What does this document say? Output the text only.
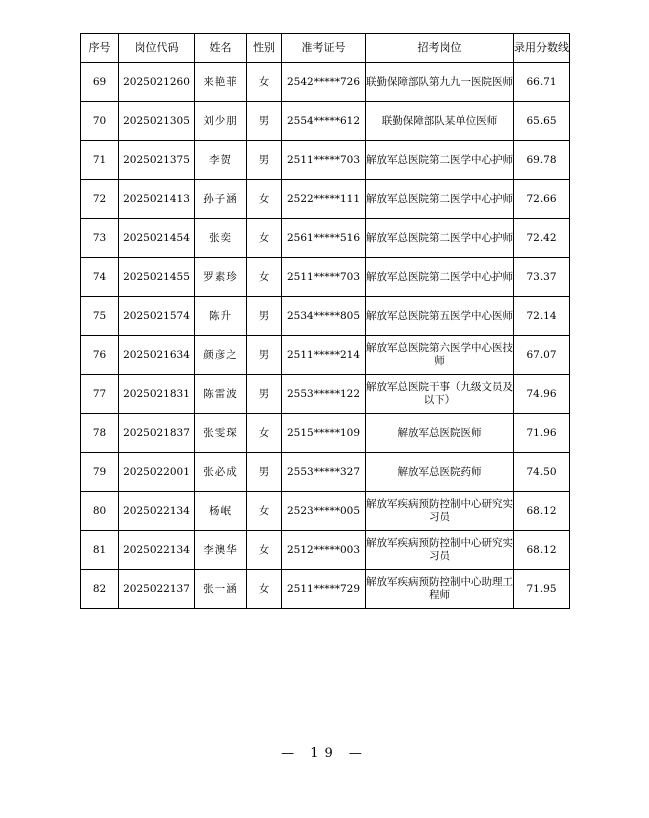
序号	岗位代码	姓名	性别	准考证号	招考岗位	录用分数线
69	2025021260	来艳菲	女	2542*****726	联勤保障部队第九九一医院医师	66.71
70	2025021305	刘少朋	男	2554*****612	联勤保障部队某单位医师	65.65
71	2025021375	李贺	男	2511*****703	解放军总医院第二医学中心护师	69.78
72	2025021413	孙子涵	女	2522*****111	解放军总医院第二医学中心护师	72.66
73	2025021454	张奕	女	2561*****516	解放军总医院第二医学中心护师	72.42
74	2025021455	罗素珍	女	2511*****703	解放军总医院第二医学中心护师	73.37
75	2025021574	陈升	男	2534*****805	解放军总医院第五医学中心医师	72.14
76	2025021634	颜彦之	男	2511*****214	解放军总医院第六医学中心医技师	67.07
77	2025021831	陈雷波	男	2553*****122	解放军总医院干事（九级文员及以下）	74.96
78	2025021837	张雯琛	女	2515*****109	解放军总医院医师	71.96
79	2025022001	张必成	男	2553*****327	解放军总医院药师	74.50
80	2025022134	杨岷	女	2523*****005	解放军疾病预防控制中心研究实习员	68.12
81	2025022134	李澳华	女	2512*****003	解放军疾病预防控制中心研究实习员	68.12
82	2025022137	张一涵	女	2511*****729	解放军疾病预防控制中心助理工程师	71.95
— 19 —
